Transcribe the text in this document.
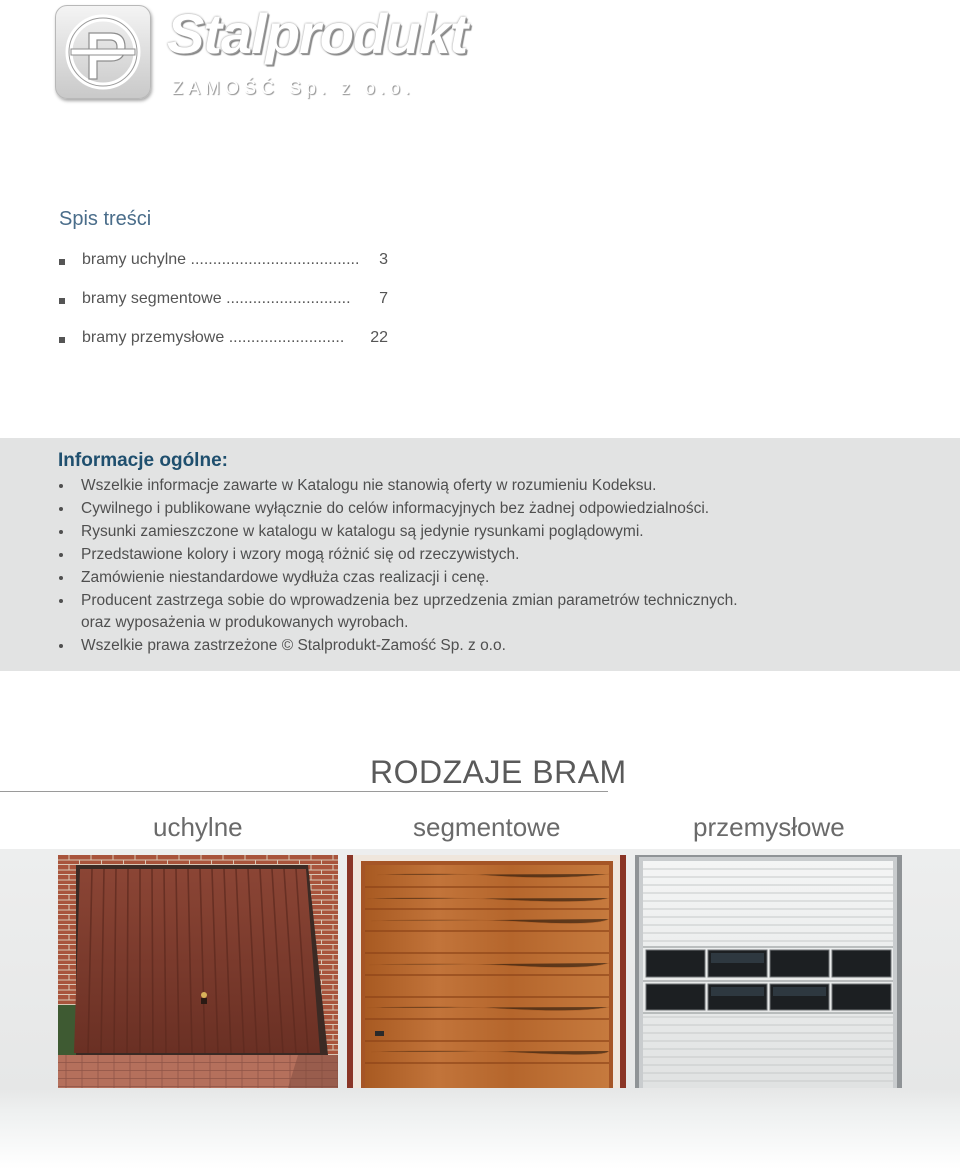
Stalprodukt
ZAMOŚĆ Sp. z o.o.
Spis treści
bramy uchylne ...................................... 3
bramy segmentowe ............................ 7
bramy przemysłowe .......................... 22
Informacje ogólne:
Wszelkie informacje zawarte w Katalogu nie stanowią oferty w rozumieniu Kodeksu.
Cywilnego i publikowane wyłącznie do celów informacyjnych bez żadnej odpowiedzialności.
Rysunki zamieszczone w katalogu w katalogu są jedynie rysunkami poglądowymi.
Przedstawione kolory i wzory mogą różnić się od rzeczywistych.
Zamówienie niestandardowe wydłuża czas realizacji i cenę.
Producent zastrzega sobie do wprowadzenia bez uprzedzenia zmian parametrów technicznych.
oraz wyposażenia w produkowanych wyrobach.
Wszelkie prawa zastrzeżone © Stalprodukt-Zamość Sp. z o.o.
RODZAJE BRAM
uchylne	segmentowe	przemysłowe
